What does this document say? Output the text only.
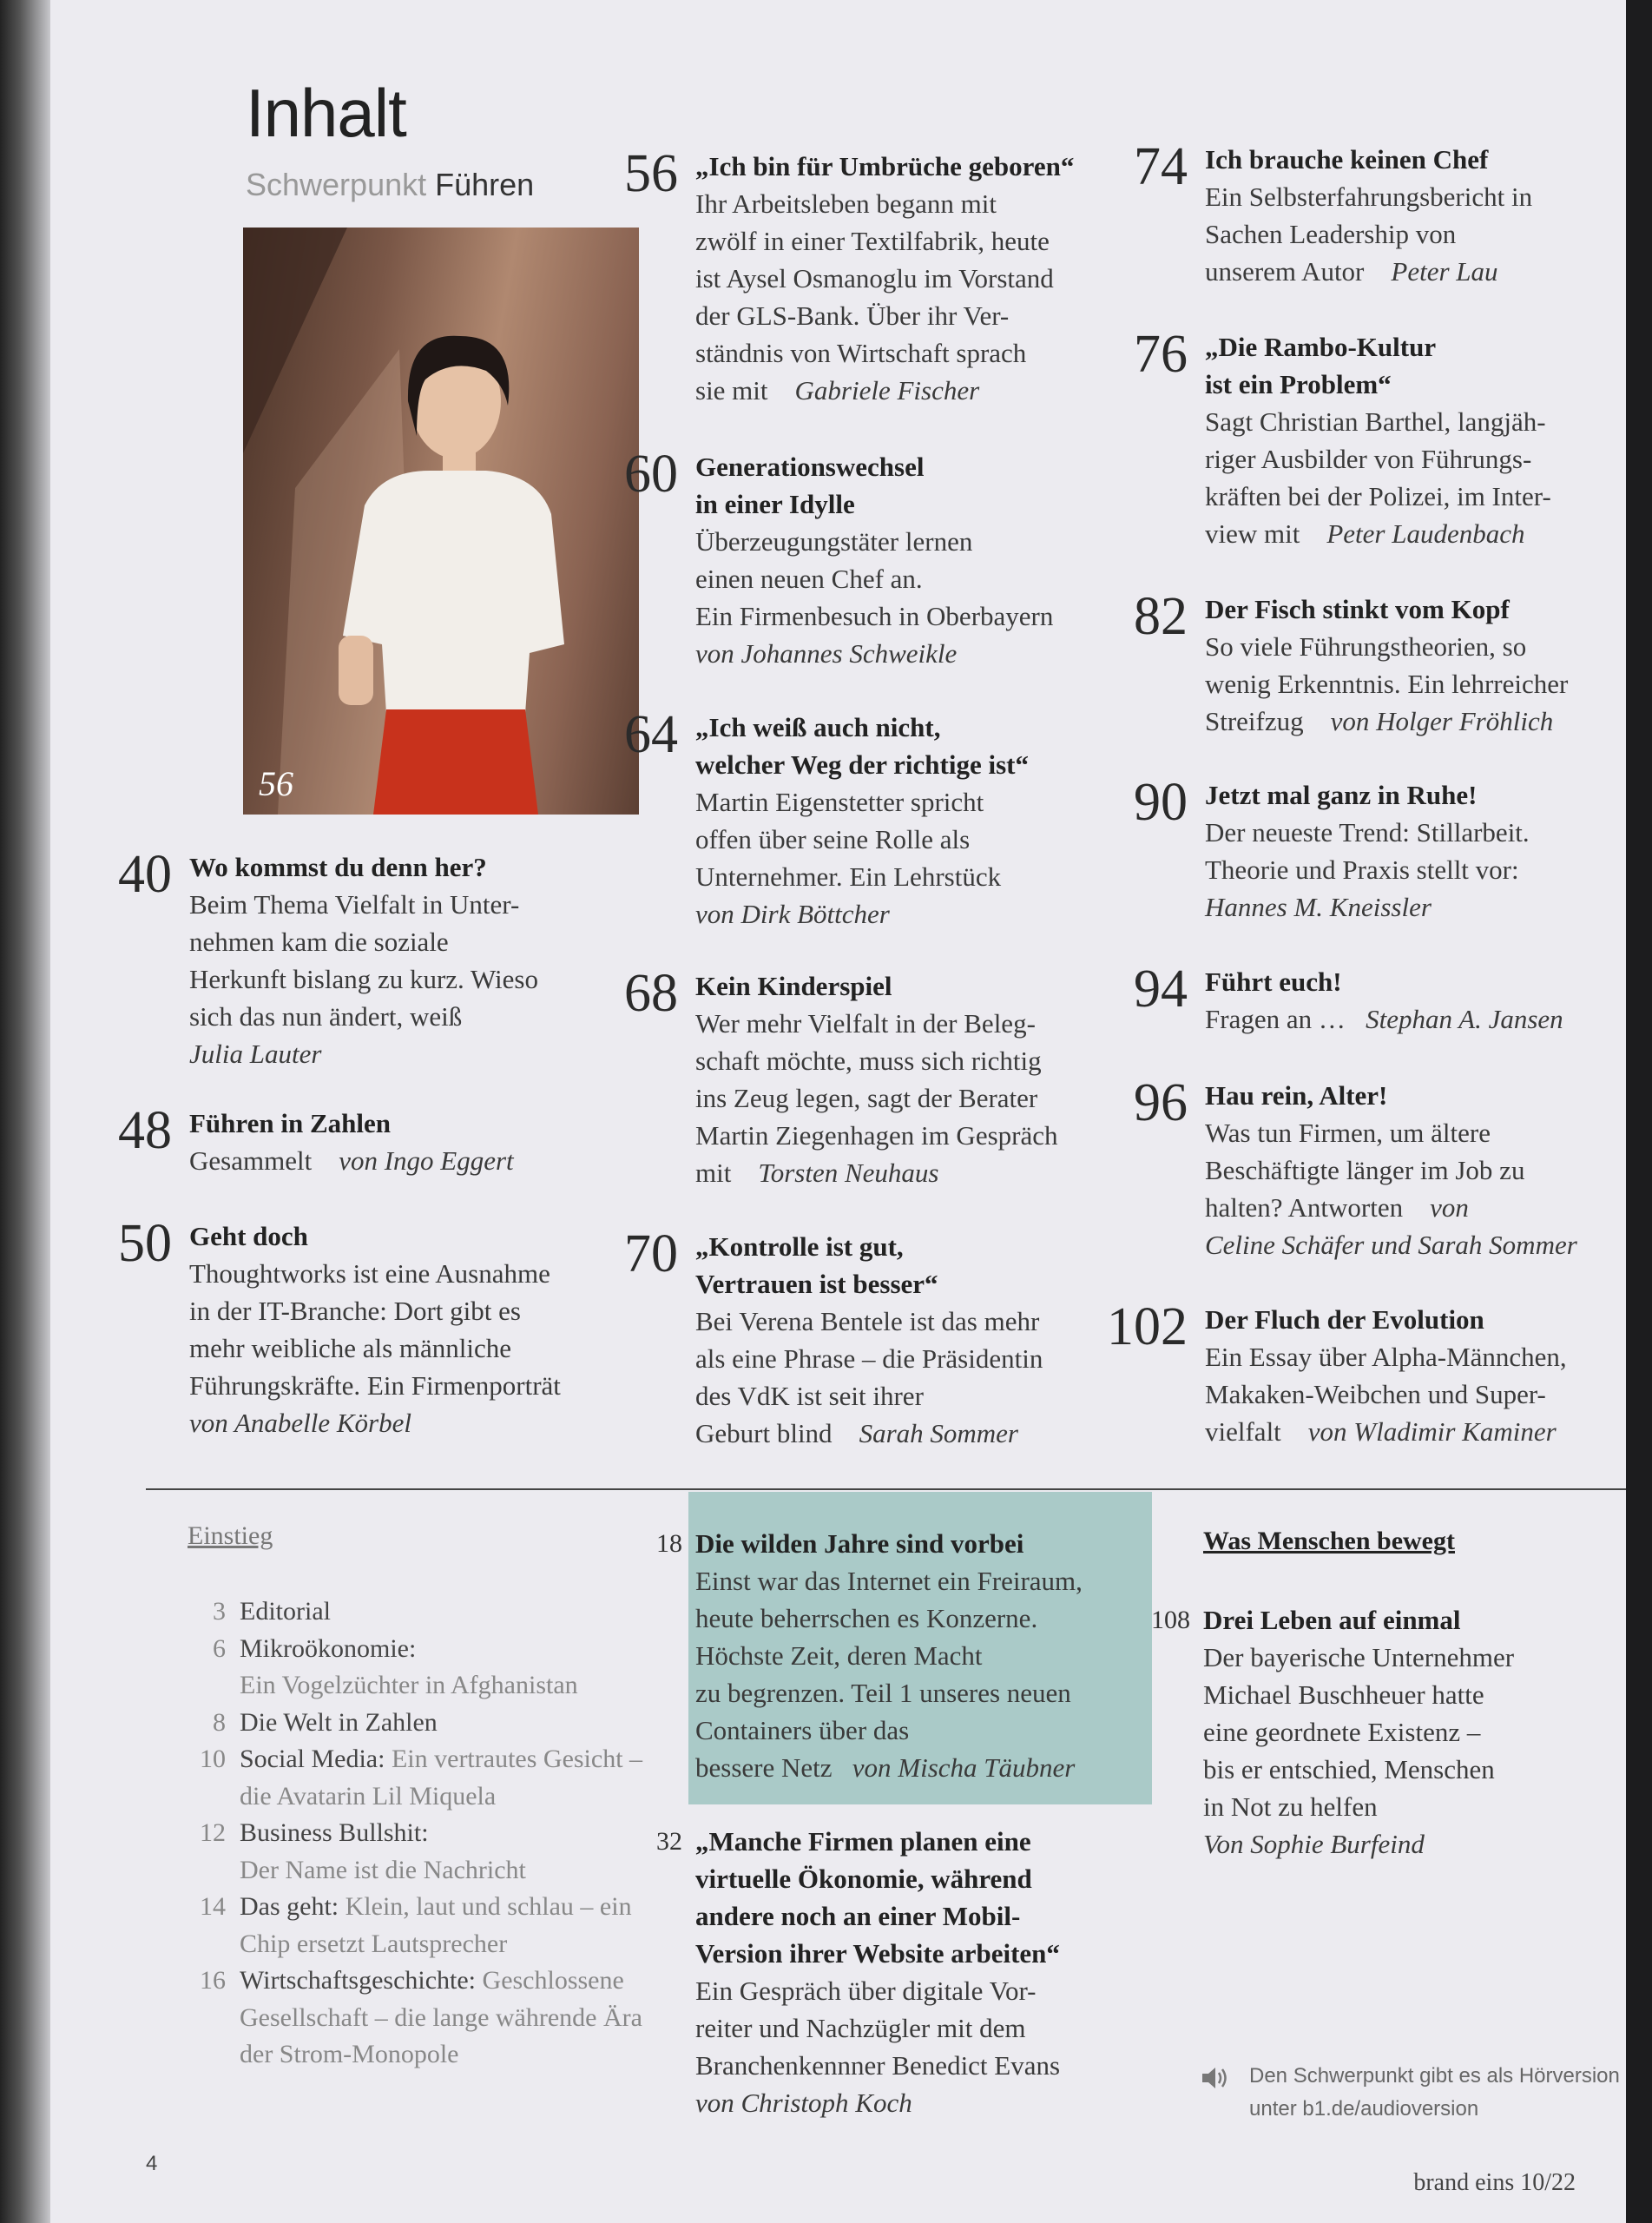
Inhalt
Schwerpunkt Führen
56
40 Wo kommst du denn her?
Beim Thema Vielfalt in Unter-
nehmen kam die soziale
Herkunft bislang zu kurz. Wieso
sich das nun ändert, weiß
Julia Lauter
48 Führen in Zahlen
Gesammelt von Ingo Eggert
50 Geht doch
Thoughtworks ist eine Ausnahme
in der IT-Branche: Dort gibt es
mehr weibliche als männliche
Führungskräfte. Ein Firmenporträt
von Anabelle Körbel
56 „Ich bin für Umbrüche geboren“
Ihr Arbeitsleben begann mit
zwölf in einer Textilfabrik, heute
ist Aysel Osmanoglu im Vorstand
der GLS-Bank. Über ihr Ver-
ständnis von Wirtschaft sprach
sie mit Gabriele Fischer
60 Generationswechsel
in einer Idylle
Überzeugungstäter lernen
einen neuen Chef an.
Ein Firmenbesuch in Oberbayern
von Johannes Schweikle
64 „Ich weiß auch nicht,
welcher Weg der richtige ist“
Martin Eigenstetter spricht
offen über seine Rolle als
Unternehmer. Ein Lehrstück
von Dirk Böttcher
68 Kein Kinderspiel
Wer mehr Vielfalt in der Beleg-
schaft möchte, muss sich richtig
ins Zeug legen, sagt der Berater
Martin Ziegenhagen im Gespräch
mit Torsten Neuhaus
70 „Kontrolle ist gut,
Vertrauen ist besser“
Bei Verena Bentele ist das mehr
als eine Phrase – die Präsidentin
des VdK ist seit ihrer
Geburt blind Sarah Sommer
74 Ich brauche keinen Chef
Ein Selbsterfahrungsbericht in
Sachen Leadership von
unserem Autor Peter Lau
76 „Die Rambo-Kultur
ist ein Problem“
Sagt Christian Barthel, langjäh-
riger Ausbilder von Führungs-
kräften bei der Polizei, im Inter-
view mit Peter Laudenbach
82 Der Fisch stinkt vom Kopf
So viele Führungstheorien, so
wenig Erkenntnis. Ein lehrreicher
Streifzug von Holger Fröhlich
90 Jetzt mal ganz in Ruhe!
Der neueste Trend: Stillarbeit.
Theorie und Praxis stellt vor:
Hannes M. Kneissler
94 Führt euch!
Fragen an … Stephan A. Jansen
96 Hau rein, Alter!
Was tun Firmen, um ältere
Beschäftigte länger im Job zu
halten? Antworten von
Celine Schäfer und Sarah Sommer
102 Der Fluch der Evolution
Ein Essay über Alpha-Männchen,
Makaken-Weibchen und Super-
vielfalt von Wladimir Kaminer
Einstieg
3 Editorial
6 Mikroökonomie:
Ein Vogelzüchter in Afghanistan
8 Die Welt in Zahlen
10 Social Media: Ein vertrautes Gesicht – die Avatarin Lil Miquela
12 Business Bullshit:
Der Name ist die Nachricht
14 Das geht: Klein, laut und schlau – ein Chip ersetzt Lautsprecher
16 Wirtschaftsgeschichte: Geschlossene Gesellschaft – die lange währende Ära der Strom-Monopole
18 Die wilden Jahre sind vorbei
Einst war das Internet ein Freiraum,
heute beherrschen es Konzerne.
Höchste Zeit, deren Macht
zu begrenzen. Teil 1 unseres neuen
Containers über das
bessere Netz von Mischa Täubner
32 „Manche Firmen planen eine
virtuelle Ökonomie, während
andere noch an einer Mobil-
Version ihrer Website arbeiten“
Ein Gespräch über digitale Vor-
reiter und Nachzügler mit dem
Branchenkennner Benedict Evans
von Christoph Koch
Was Menschen bewegt
108 Drei Leben auf einmal
Der bayerische Unternehmer
Michael Buschheuer hatte
eine geordnete Existenz –
bis er entschied, Menschen
in Not zu helfen
Von Sophie Burfeind
Den Schwerpunkt gibt es als Hörversion
unter b1.de/audioversion
4
brand eins 10/22
